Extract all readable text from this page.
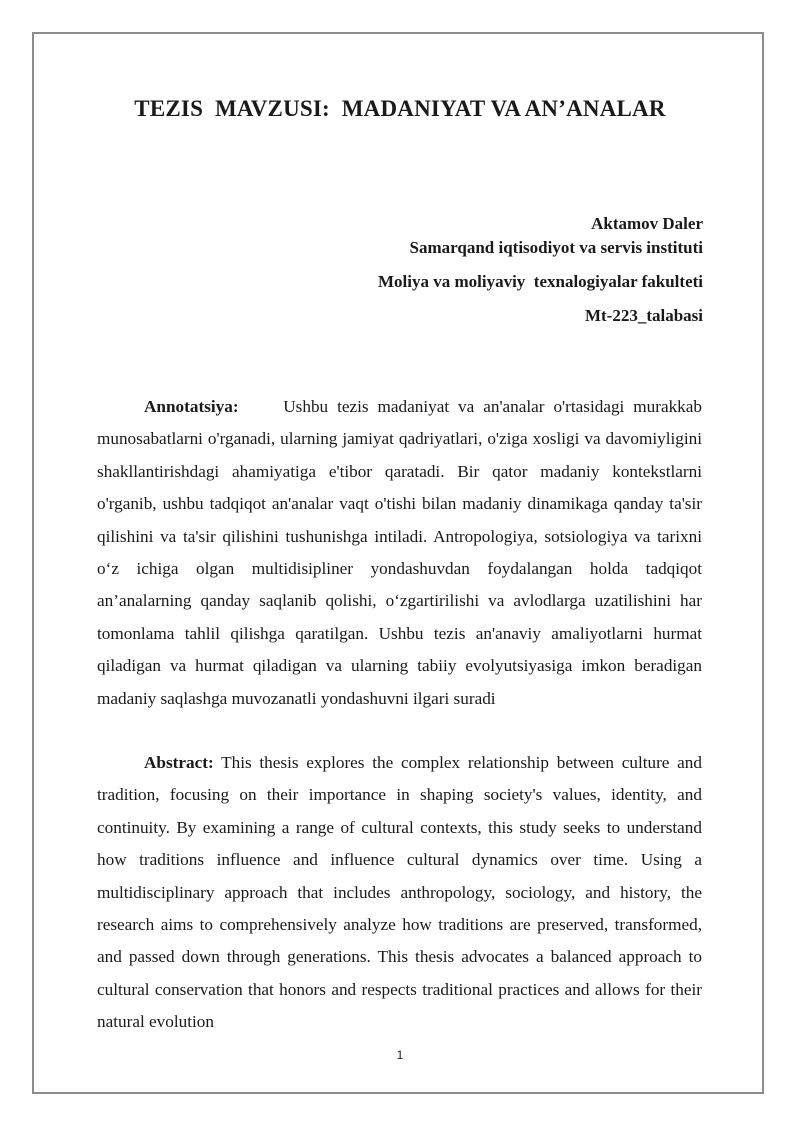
TEZIS  MAVZUSI:  MADANIYAT VA AN’ANALAR
Aktamov Daler
Samarqand iqtisodiyot va servis instituti
Moliya va moliyaviy  texnalogiyalar fakulteti
Mt-223_talabasi

Annotatsiya:	Ushbu tezis madaniyat va an'analar o'rtasidagi murakkab munosabatlarni o'rganadi, ularning jamiyat qadriyatlari, o'ziga xosligi va davomiyligini shakllantirishdagi ahamiyatiga e'tibor qaratadi. Bir qator madaniy kontekstlarni o'rganib, ushbu tadqiqot an'analar vaqt o'tishi bilan madaniy dinamikaga qanday ta'sir qilishini va ta'sir qilishini tushunishga intiladi. Antropologiya, sotsiologiya va tarixni o‘z ichiga olgan multidisipliner yondashuvdan foydalangan holda tadqiqot an’analarning qanday saqlanib qolishi, o‘zgartirilishi va avlodlarga uzatilishini har tomonlama tahlil qilishga qaratilgan. Ushbu tezis an'anaviy amaliyotlarni hurmat qiladigan va hurmat qiladigan va ularning tabiiy evolyutsiyasiga imkon beradigan madaniy saqlashga muvozanatli yondashuvni ilgari suradi

Abstract: This thesis explores the complex relationship between culture and tradition, focusing on their importance in shaping society's values, identity, and continuity. By examining a range of cultural contexts, this study seeks to understand how traditions influence and influence cultural dynamics over time. Using a multidisciplinary approach that includes anthropology, sociology, and history, the research aims to comprehensively analyze how traditions are preserved, transformed, and passed down through generations. This thesis advocates a balanced approach to cultural conservation that honors and respects traditional practices and allows for their natural evolution

1
